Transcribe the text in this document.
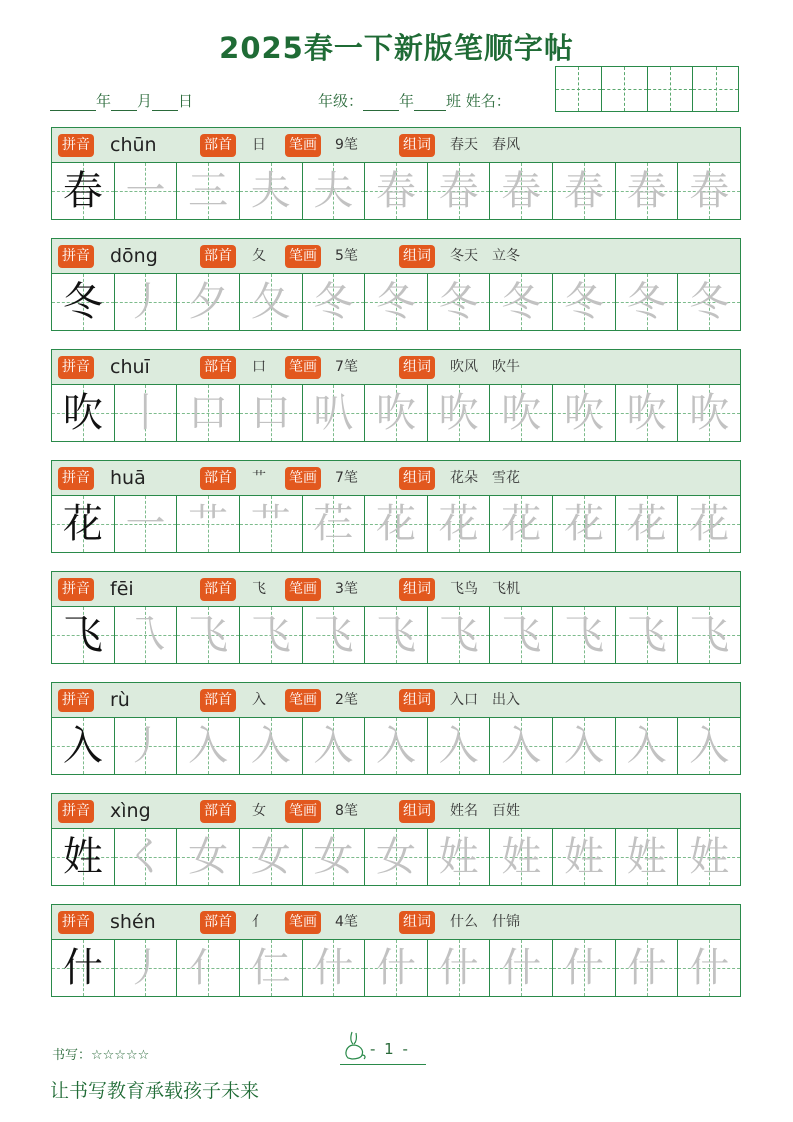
2025春一下新版笔顺字帖
年 月 日	年级： 年 班 姓名：
拼音 chūn	部首 日 笔画 9笔	组词 春天　春风
春 一 三 夫 夫 春 春 春 春 春 春
拼音 dōng	部首 夂 笔画 5笔	组词 冬天　立冬
冬 丿 夕 夂 冬 冬 冬 冬 冬 冬 冬
拼音 chuī	部首 口 笔画 7笔	组词 吹风　吹牛
吹 丨 口 口 叭 吹 吹 吹 吹 吹 吹
拼音 huā	部首 艹 笔画 7笔	组词 花朵　雪花
花 一 艹 艹 芢 花 花 花 花 花 花
拼音 fēi	部首 飞 笔画 3笔	组词 飞鸟　飞机
飞 乁 飞 飞 飞 飞 飞 飞 飞 飞 飞
拼音 rù	部首 入 笔画 2笔	组词 入口　出入
入 丿 入 入 入 入 入 入 入 入 入
拼音 xìng	部首 女 笔画 8笔	组词 姓名　百姓
姓 く 女 女 女 女 姓 姓 姓 姓 姓
拼音 shén	部首 亻 笔画 4笔	组词 什么　什锦
什 丿 亻 仁 什 什 什 什 什 什 什
书写：☆☆☆☆☆	- 1 -
让书写教育承载孩子未来
